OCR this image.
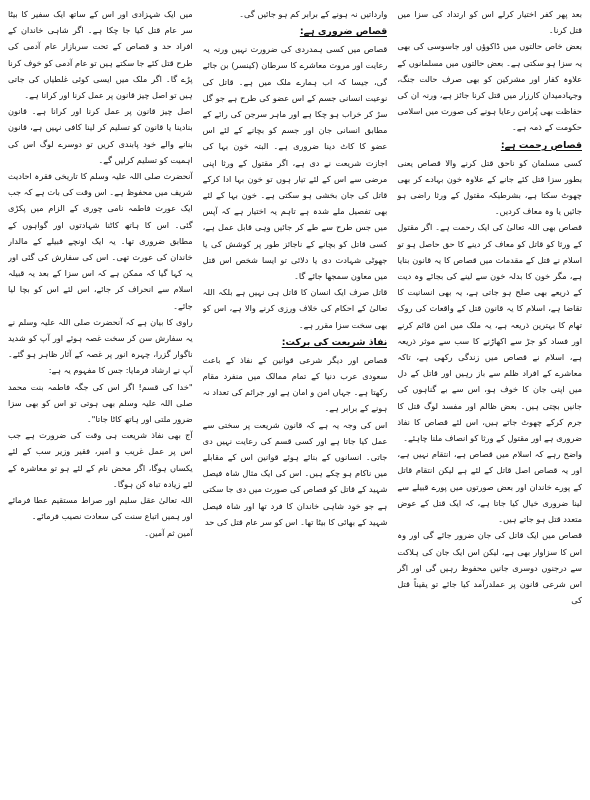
بعد پھر کفر اختیار کرلے اس کو ارتداد کی سزا میں قتل کرنا۔

بعض خاص حالتوں میں ڈاکوؤں اور جاسوسی کی بھی یہ سزا ہو سکتی ہے۔ بعض حالتوں میں مسلمانوں کے علاوہ کفار اور مشرکین کو بھی صرف حالت جنگ، وجہادمیدان کارزار میں قتل کرنا جائز ہے، ورنہ ان کی حفاظت بھی پُرامن رعایا ہونے کی صورت میں اسلامی حکومت کے ذمہ ہے۔

قصاص رحمت ہے:

کسی مسلمان کو ناحق قتل کرنے والا قصاص یعنی بطور سزا قتل کئے جانے کے علاوہ خون بہادے کر بھی چھوٹ سکتا ہے، بشرطیکہ مقتول کے ورثا راضی ہو جائیں یا وہ معاف کردیں۔

قصاص بھی اللہ تعالیٰ کی ایک رحمت ہے۔ اگر مقتول کے ورثا کو قاتل کو معاف کر دینے کا حق حاصل ہو تو اسلام نے قتل کے مقدمات میں قصاص کا یہ قانون بنایا ہے، مگر خون کا بدلہ خون سے لینے کی بجائے وہ دیت کے ذریعے بھی صلح ہو جاتی ہے، یہ بھی انسانیت کا تقاضا ہے، اسلام کا یہ قانون قتل کے واقعات کی روک تھام کا بہترین ذریعہ ہے، یہ ملک میں امن قائم کرنے اور فساد کو جڑ سے اکھاڑنے کا سب سے موثر ذریعہ ہے، اسلام نے قصاص میں زندگی رکھی ہے، تاکہ معاشرے کے افراد ظلم سے باز رہیں اور قاتل کے دل میں اپنی جان کا خوف ہو، اس سے بے گناہوں کی جانیں بچتی ہیں۔ بعض ظالم اور مفسد لوگ قتل کا جرم کرکے چھوٹ جاتے ہیں، اس لئے قصاص کا نفاذ ضروری ہے اور مقتول کے ورثا کو انصاف ملنا چاہئے۔

واضح رہے کہ اسلام میں قصاص ہے، انتقام نہیں ہے، اور یہ قصاص اصل قاتل کے لئے ہے لیکن انتقام قاتل کے پورے خاندان اور بعض صورتوں میں پورے قبیلے سے لینا ضروری خیال کیا جاتا ہے، کہ ایک قتل کے عوض متعدد قتل ہو جاتے ہیں۔

قصاص میں ایک قاتل کی جان ضرور جائے گی اور وہ اس کا سزاوار بھی ہے، لیکن اس ایک جان کی ہلاکت سے درجنوں دوسری جانیں محفوظ رہیں گی اور اگر اس شرعی قانون پر عملدرآمد کیا جائے تو یقیناً قتل کی

وارداتیں نہ ہونے کے برابر کم ہو جائیں گی۔

قصاص ضروری ہے:

قصاص میں کسی ہمدردی کی ضرورت نہیں ورنہ یہ رعایت اور مروت معاشرے کا سرطان (کینسر) بن جائے گی، جیسا کہ اب ہمارے ملک میں ہے۔ قاتل کی نوعیت انسانی جسم کے اس عضو کی طرح ہے جو گل سڑ کر خراب ہو چکا ہے اور ماہر سرجن کی رائے کے مطابق انسانی جان اور جسم کو بچانے کے لئے اس عضو کا کاٹ دینا ضروری ہے۔ البتہ خون بہا کی اجازت شریعت نے دی ہے، اگر مقتول کے ورثا اپنی مرضی سے اس کے لئے تیار ہوں تو خون بہا ادا کرکے قاتل کی جان بخشی ہو سکتی ہے۔ خون بہا کے لئے بھی تفصیل ملے شدہ ہے تاہم یہ اختیار ہے کہ آپس میں جس طرح سے طے کر جائیں وہی قابل عمل ہے، کسی قاتل کو بچانے کے ناجائز طور پر کوشش کی یا جھوٹی شہادت دی یا دلائی تو ایسا شخص اس قتل میں معاون سمجھا جائے گا۔

قاتل صرف ایک انسان کا قاتل ہی نہیں ہے بلکہ اللہ تعالیٰ کے احکام کی خلاف ورزی کرنے والا ہے، اس کو بھی سخت سزا مقرر ہے۔

نفاذ شریعت کی برکت:

قصاص اور دیگر شرعی قوانین کے نفاذ کے باعث سعودی عرب دنیا کے تمام ممالک میں منفرد مقام رکھتا ہے۔ جہاں امن و امان ہے اور جرائم کی تعداد نہ ہونے کے برابر ہے۔

اس کی وجہ یہ ہے کہ قانون شریعت پر سختی سے عمل کیا جاتا ہے اور کسی قسم کی رعایت نہیں دی جاتی۔ انسانوں کے بنائے ہوئے قوانین اس کے مقابلے میں ناکام ہو چکے ہیں۔ اس کی ایک مثال شاہ فیصل شہید کے قاتل کو قصاص کی صورت میں دی جا سکتی ہے جو خود شاہی خاندان کا فرد تھا اور شاہ فیصل شہید کے بھائی کا بیٹا تھا۔ اس کو سر عام قتل کی حد

میں ایک شہزادی اور اس کے ساتھ ایک سفیر کا بیٹا سر عام قتل کیا جا چکا ہے۔ اگر شاہی خاندان کے افراد حد و قصاص کے تحت سربازار عام آدمی کی طرح قتل کئے جا سکتے ہیں تو عام آدمی کو خوف کرنا پڑے گا۔ اگر ملک میں ایسی کوئی غلطیاں کی جاتی ہیں تو اصل چیز قانون پر عمل کرنا اور کرانا ہے۔

اصل چیز قانون پر عمل کرنا اور کرانا ہے۔ قانون بنادینا یا قانون کو تسلیم کر لینا کافی نہیں ہے، قانون بنانے والے خود پابندی کریں تو دوسرے لوگ اس کی اہمیت کو تسلیم کرلیں گے۔

آنحضرت صلی اللہ علیہ وسلم کا تاریخی فقرہ احادیث شریف میں محفوظ ہے۔ اس وقت کی بات ہے کہ جب ایک عورت فاطمہ نامی چوری کے الزام میں پکڑی گئی۔ اس کا ہاتھ کاٹنا شہادتوں اور گواہوں کے مطابق ضروری تھا۔ یہ ایک اونچے قبیلے کے مالدار خاندان کی عورت تھی۔ اس کی سفارش کی گئی اور یہ کہا گیا کہ ممکن ہے کہ اس سزا کے بعد یہ قبیلہ اسلام سے انحراف کر جائے، اس لئے اس کو بچا لیا جائے۔

راوی کا بیان ہے کہ آنحضرت صلی اللہ علیہ وسلم نے یہ سفارش سن کر سخت غصہ ہوئے اور آپ کو شدید ناگوار گزرا، چہرہ انور پر غصہ کے آثار ظاہر ہو گئے۔ آپ نے ارشاد فرمایا: جس کا مفہوم یہ ہے:

"خدا کی قسم! اگر اس کی جگہ فاطمہ بنت محمد صلی اللہ علیہ وسلم بھی ہوتی تو اس کو بھی سزا ضرور ملتی اور ہاتھ کاٹا جاتا"۔

آج بھی نفاذ شریعت ہی وقت کی ضرورت ہے جب اس پر عمل غریب و امیر، فقیر وزیر سب کے لئے یکساں ہوگا، اگر محض نام کے لئے ہو تو معاشرہ کے لئے زیادہ تباہ کن ہوگا۔

اللہ تعالیٰ عقل سلیم اور صراط مستقیم عطا فرمائے اور ہمیں اتباع سنت کی سعادت نصیب فرمائے۔

آمین ثم آمین۔
